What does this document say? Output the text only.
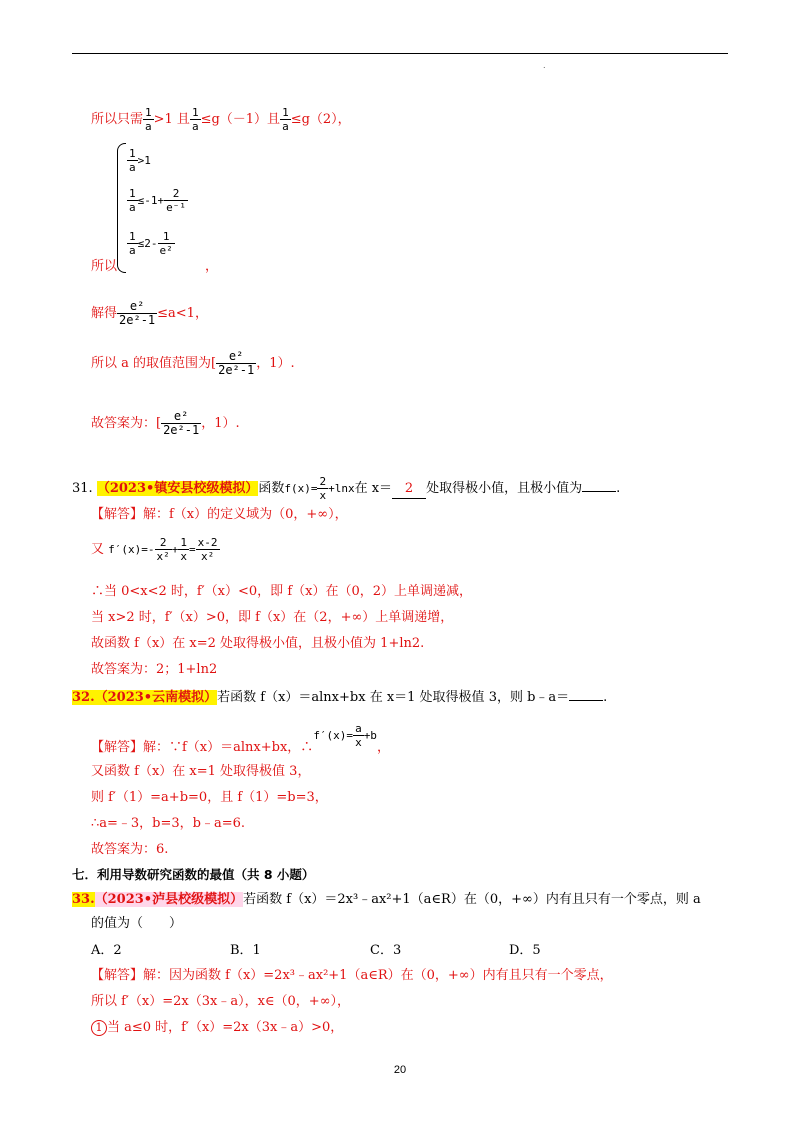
.
所以只需 $\frac{1}{a} >1$ 且 $\frac{1}{a} \le g(-1)$且 $\frac{1}{a} \le g(2)$，
所以
$\frac{1}{a} >1$
$\frac{1}{a} \le-1+ \frac{2}{\text{e⁻¹}}$
$\frac{1}{a} \le 2- \frac{1}{\text{e²}}$
，
解得 $\frac{\text{e²}}{\text{2e²-1}} \le a<1$，
所以 a 的取值范围为[ $\frac{\text{e²}}{\text{2e²-1}}$ ，1）.
故答案为：[ $\frac{\text{e²}}{\text{2e²-1}}$ ，1）.
31. （2023•镇安县校级模拟）函数$f(x)= \frac{2}{x} +\ln x$在 x＝ 2 处取得极小值，且极小值为	.
【解答】解：f（x）的定义域为（0，+∞），
又 $f'(x)=- \frac{2}{\text{x²}} + \frac{1}{x} = \frac{x-2}{\text{x²}}$
∴当 0<x<2 时，f′（x）<0，即 f（x）在（0，2）上单调递减，
当 x>2 时，f′（x）>0，即 f（x）在（2，+∞）上单调递增，
故函数 f（x）在 x=2 处取得极小值，且极小值为 1+ln2.
故答案为：2；1+ln2
32.（2023•云南模拟）若函数 f（x）＝alnx+bx 在 x＝1 处取得极值 3，则 b﹣a＝	.
【解答】解：∵f（x）＝alnx+bx，∴$^{f'(x)=}$ $\frac{a}{x} ^{+b}$，
又函数 f（x）在 x=1 处取得极值 3，
则 f′（1）=a+b=0，且 f（1）=b=3，
∴a=﹣3，b=3，b﹣a=6.
故答案为：6.
七．利用导数研究函数的最值（共 8 小题）
33.（2023•泸县校级模拟）若函数 f（x）＝2x³﹣ax²+1（a∈R）在（0，+∞）内有且只有一个零点，则 a
的值为（　　）
A．2	B．1	C．3	D．5
【解答】解：因为函数 f（x）=2x³﹣ax²+1（a∈R）在（0，+∞）内有且只有一个零点，
所以 f′（x）=2x（3x﹣a），x∈（0，+∞），
1 当 a≤0 时，f′（x）=2x（3x﹣a）>0，
20
